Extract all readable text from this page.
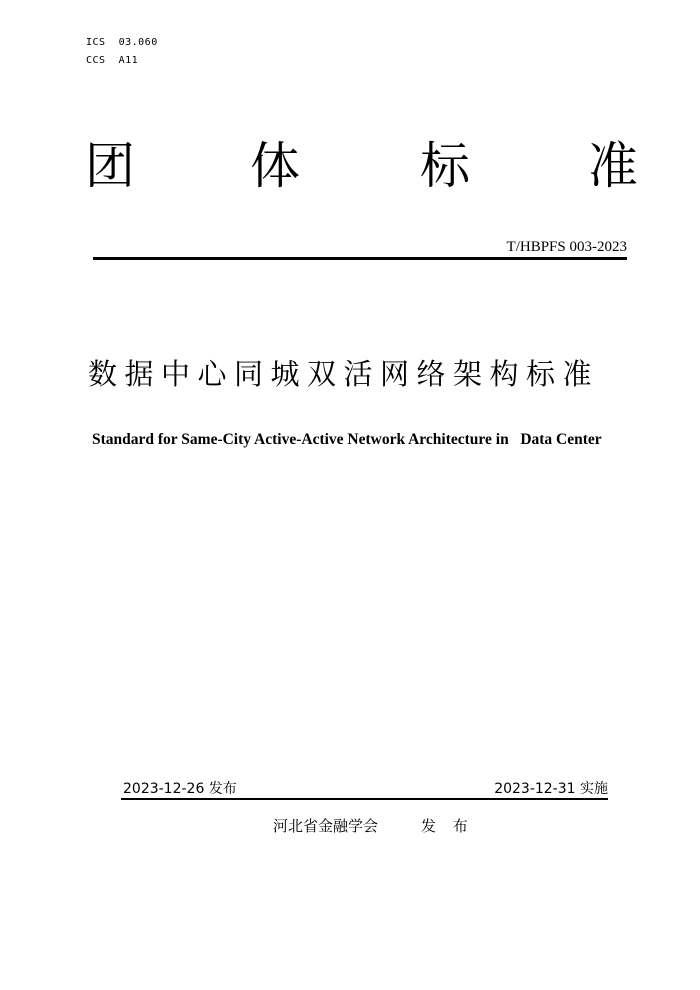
ICS  03.060
CCS  A11
团 体 标 准
T/HBPFS 003-2023
数据中心同城双活网络架构标准
Standard for Same-City Active-Active Network Architecture in   Data Center
2023-12-26 发布	2023-12-31 实施
河北省金融学会	发 布
